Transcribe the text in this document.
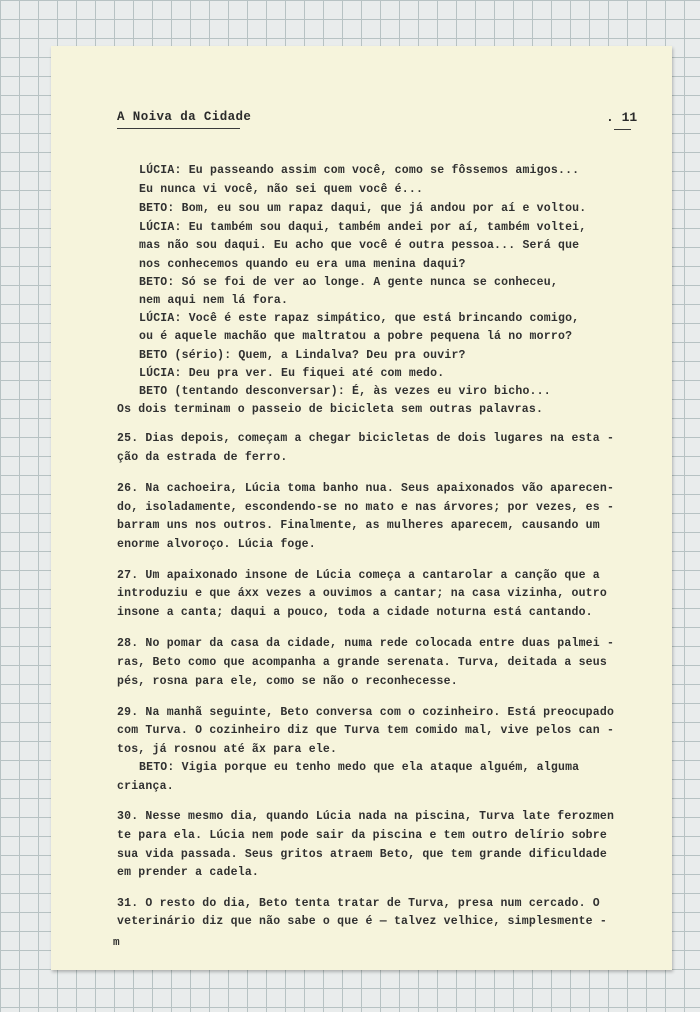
A Noiva da Cidade	. 11
LÚCIA: Eu passeando assim com você, como se fôssemos amigos...
Eu nunca vi você, não sei quem você é...
BETO: Bom, eu sou um rapaz daqui, que já andou por aí e voltou.
LÚCIA: Eu também sou daqui, também andei por aí, também voltei,
mas não sou daqui. Eu acho que você é outra pessoa... Será que
nos conhecemos quando eu era uma menina daqui?
BETO: Só se foi de ver ao longe. A gente nunca se conheceu,
nem aqui nem lá fora.
LÚCIA: Você é este rapaz simpático, que está brincando comigo,
ou é aquele machão que maltratou a pobre pequena lá no morro?
BETO (sério): Quem, a Lindalva? Deu pra ouvir?
LÚCIA: Deu pra ver. Eu fiquei até com medo.
BETO (tentando desconversar): É, às vezes eu viro bicho...
Os dois terminam o passeio de bicicleta sem outras palavras.
25. Dias depois, começam a chegar bicicletas de dois lugares na esta -
ção da estrada de ferro.
26. Na cachoeira, Lúcia toma banho nua. Seus apaixonados vão aparecen-
do, isoladamente, escondendo-se no mato e nas árvores; por vezes, es -
barram uns nos outros. Finalmente, as mulheres aparecem, causando um
enorme alvoroço. Lúcia foge.
27. Um apaixonado insone de Lúcia começa a cantarolar a canção que a
introduziu e que áxx vezes a ouvimos a cantar; na casa vizinha, outro
insone a canta; daqui a pouco, toda a cidade noturna está cantando.
28. No pomar da casa da cidade, numa rede colocada entre duas palmei -
ras, Beto como que acompanha a grande serenata. Turva, deitada a seus
pés, rosna para ele, como se não o reconhecesse.
29. Na manhã seguinte, Beto conversa com o cozinheiro. Está preocupado
com Turva. O cozinheiro diz que Turva tem comido mal, vive pelos can -
tos, já rosnou até ãx para ele.
BETO: Vigia porque eu tenho medo que ela ataque alguém, alguma
criança.
30. Nesse mesmo dia, quando Lúcia nada na piscina, Turva late ferozmen
te para ela. Lúcia nem pode sair da piscina e tem outro delírio sobre
sua vida passada. Seus gritos atraem Beto, que tem grande dificuldade
em prender a cadela.
31. O resto do dia, Beto tenta tratar de Turva, presa num cercado. O
veterinário diz que não sabe o que é — talvez velhice, simplesmente -
m
